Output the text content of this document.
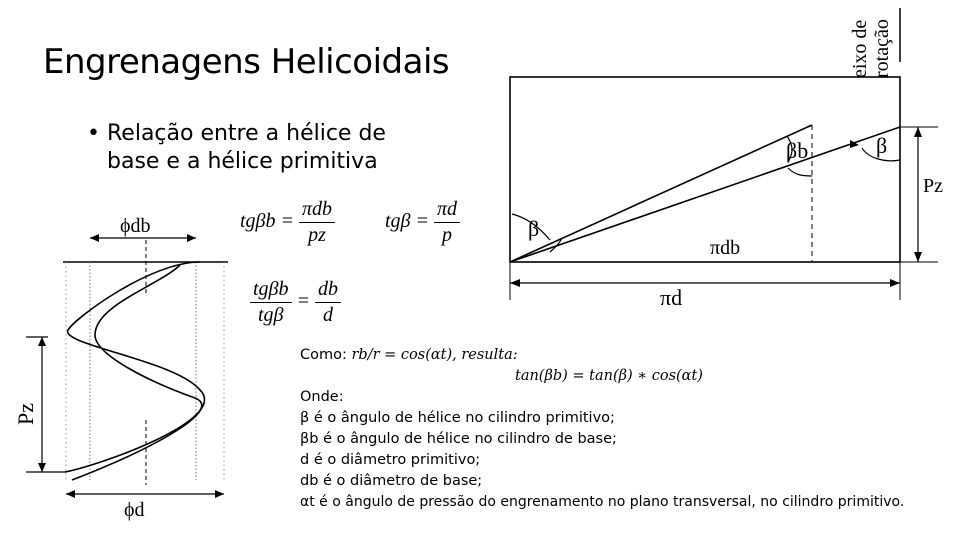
Engrenagens Helicoidais
• Relação entre a hélice de
base e a hélice primitiva
ϕdb
ϕd
Pz
eixo de rotação
β
βb	β
πdb
πd
Pz
$tg\beta b = \frac{\text{πdb}}{pz}$ $tg\beta = \frac{\pi d}{p}$
$\frac{\text{tgβb}}{\text{tgβ}} = \frac{db}{d}$
Como: rb/r = cos(αt), resulta:
tan(βb) = tan(β) ∗ cos(αt)
Onde:
β é o ângulo de hélice no cilindro primitivo;
βb é o ângulo de hélice no cilindro de base;
d é o diâmetro primitivo;
db é o diâmetro de base;
αt é o ângulo de pressão do engrenamento no plano transversal, no cilindro primitivo.
